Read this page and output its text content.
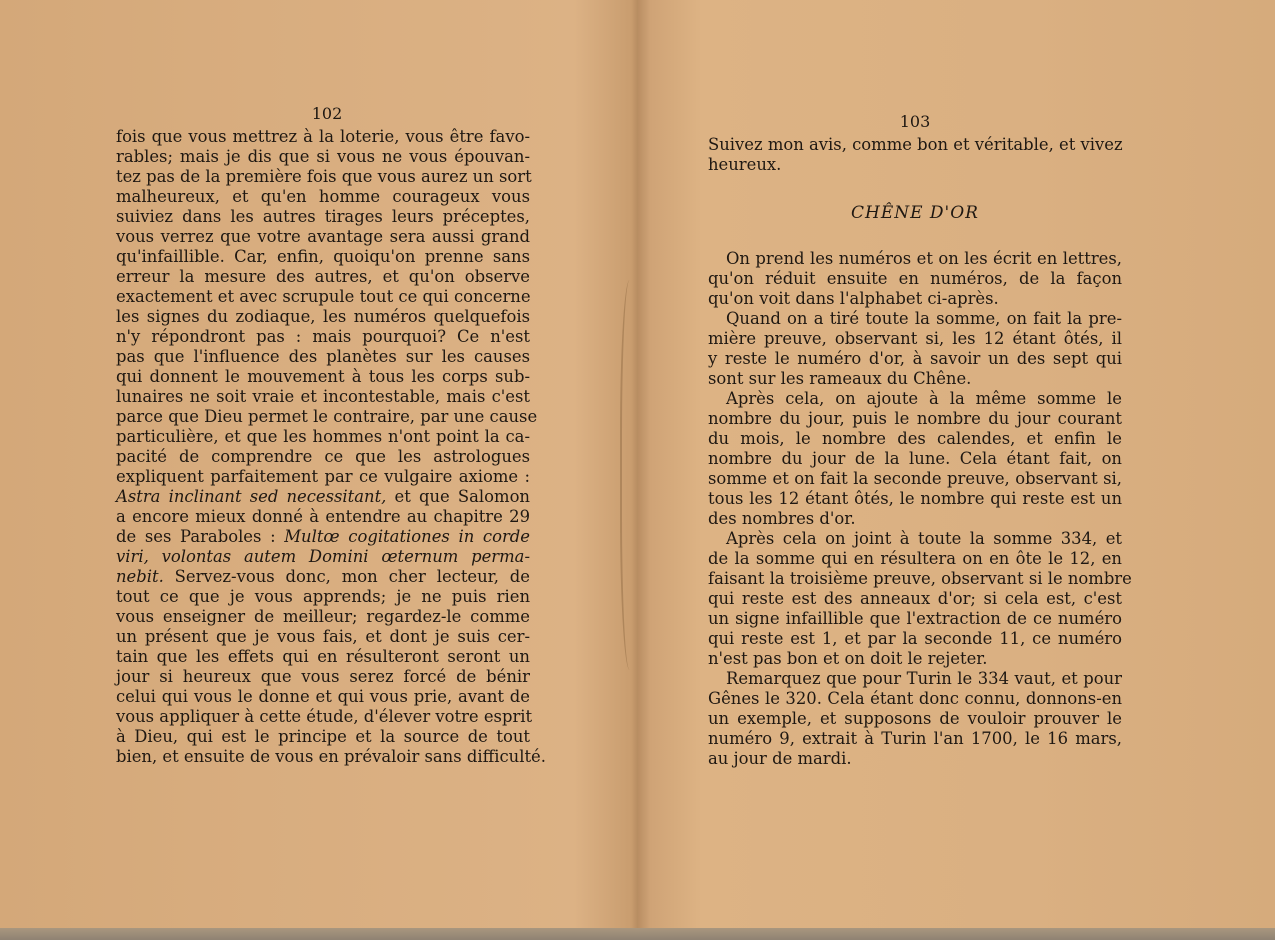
102
fois que vous mettrez à la loterie, vous être favo-
rables; mais je dis que si vous ne vous épouvan-
tez pas de la première fois que vous aurez un sort
malheureux, et qu'en homme courageux vous
suiviez dans les autres tirages leurs préceptes,
vous verrez que votre avantage sera aussi grand
qu'infaillible. Car, enfin, quoiqu'on prenne sans
erreur la mesure des autres, et qu'on observe
exactement et avec scrupule tout ce qui concerne
les signes du zodiaque, les numéros quelquefois
n'y répondront pas : mais pourquoi? Ce n'est
pas que l'influence des planètes sur les causes
qui donnent le mouvement à tous les corps sub-
lunaires ne soit vraie et incontestable, mais c'est
parce que Dieu permet le contraire, par une cause
particulière, et que les hommes n'ont point la ca-
pacité de comprendre ce que les astrologues
expliquent parfaitement par ce vulgaire axiome :
Astra inclinant sed necessitant, et que Salomon
a encore mieux donné à entendre au chapitre 29
de ses Paraboles : Multœ cogitationes in corde
viri, volontas autem Domini œternum perma-
nebit. Servez-vous donc, mon cher lecteur, de
tout ce que je vous apprends; je ne puis rien
vous enseigner de meilleur; regardez-le comme
un présent que je vous fais, et dont je suis cer-
tain que les effets qui en résulteront seront un
jour si heureux que vous serez forcé de bénir
celui qui vous le donne et qui vous prie, avant de
vous appliquer à cette étude, d'élever votre esprit
à Dieu, qui est le principe et la source de tout
bien, et ensuite de vous en prévaloir sans difficulté.
103
Suivez mon avis, comme bon et véritable, et vivez
heureux.
CHÊNE D'OR
On prend les numéros et on les écrit en lettres,
qu'on réduit ensuite en numéros, de la façon
qu'on voit dans l'alphabet ci-après.
Quand on a tiré toute la somme, on fait la pre-
mière preuve, observant si, les 12 étant ôtés, il
y reste le numéro d'or, à savoir un des sept qui
sont sur les rameaux du Chêne.
Après cela, on ajoute à la même somme le
nombre du jour, puis le nombre du jour courant
du mois, le nombre des calendes, et enfin le
nombre du jour de la lune. Cela étant fait, on
somme et on fait la seconde preuve, observant si,
tous les 12 étant ôtés, le nombre qui reste est un
des nombres d'or.
Après cela on joint à toute la somme 334, et
de la somme qui en résultera on en ôte le 12, en
faisant la troisième preuve, observant si le nombre
qui reste est des anneaux d'or; si cela est, c'est
un signe infaillible que l'extraction de ce numéro
qui reste est 1, et par la seconde 11, ce numéro
n'est pas bon et on doit le rejeter.
Remarquez que pour Turin le 334 vaut, et pour
Gênes le 320. Cela étant donc connu, donnons-en
un exemple, et supposons de vouloir prouver le
numéro 9, extrait à Turin l'an 1700, le 16 mars,
au jour de mardi.
